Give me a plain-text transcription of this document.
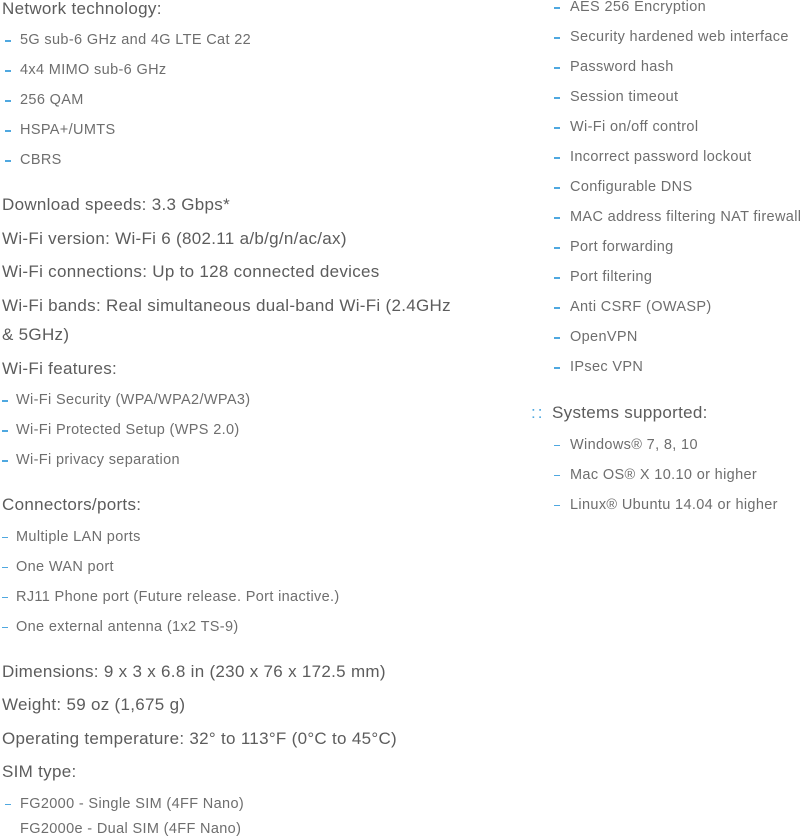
Network technology:
5G sub-6 GHz and 4G LTE Cat 22
4x4 MIMO sub-6 GHz
256 QAM
HSPA+/UMTS
CBRS
Download speeds: 3.3 Gbps*
Wi-Fi version: Wi-Fi 6 (802.11 a/b/g/n/ac/ax)
Wi-Fi connections: Up to 128 connected devices
Wi-Fi bands: Real simultaneous dual-band Wi-Fi (2.4GHz & 5GHz)
Wi-Fi features:
Wi-Fi Security (WPA/WPA2/WPA3)
Wi-Fi Protected Setup (WPS 2.0)
Wi-Fi privacy separation
Connectors/ports:
Multiple LAN ports
One WAN port
RJ11 Phone port (Future release. Port inactive.)
One external antenna (1x2 TS-9)
Dimensions: 9 x 3 x 6.8 in (230 x 76 x 172.5 mm)
Weight: 59 oz (1,675 g)
Operating temperature: 32° to 113°F (0°C to 45°C)
SIM type:
FG2000 - Single SIM (4FF Nano)
FG2000e - Dual SIM (4FF Nano)
AES 256 Encryption
Security hardened web interface
Password hash
Session timeout
Wi-Fi on/off control
Incorrect password lockout
Configurable DNS
MAC address filtering NAT firewall
Port forwarding
Port filtering
Anti CSRF (OWASP)
OpenVPN
IPsec VPN
:: Systems supported:
Windows® 7, 8, 10
Mac OS® X 10.10 or higher
Linux® Ubuntu 14.04 or higher
